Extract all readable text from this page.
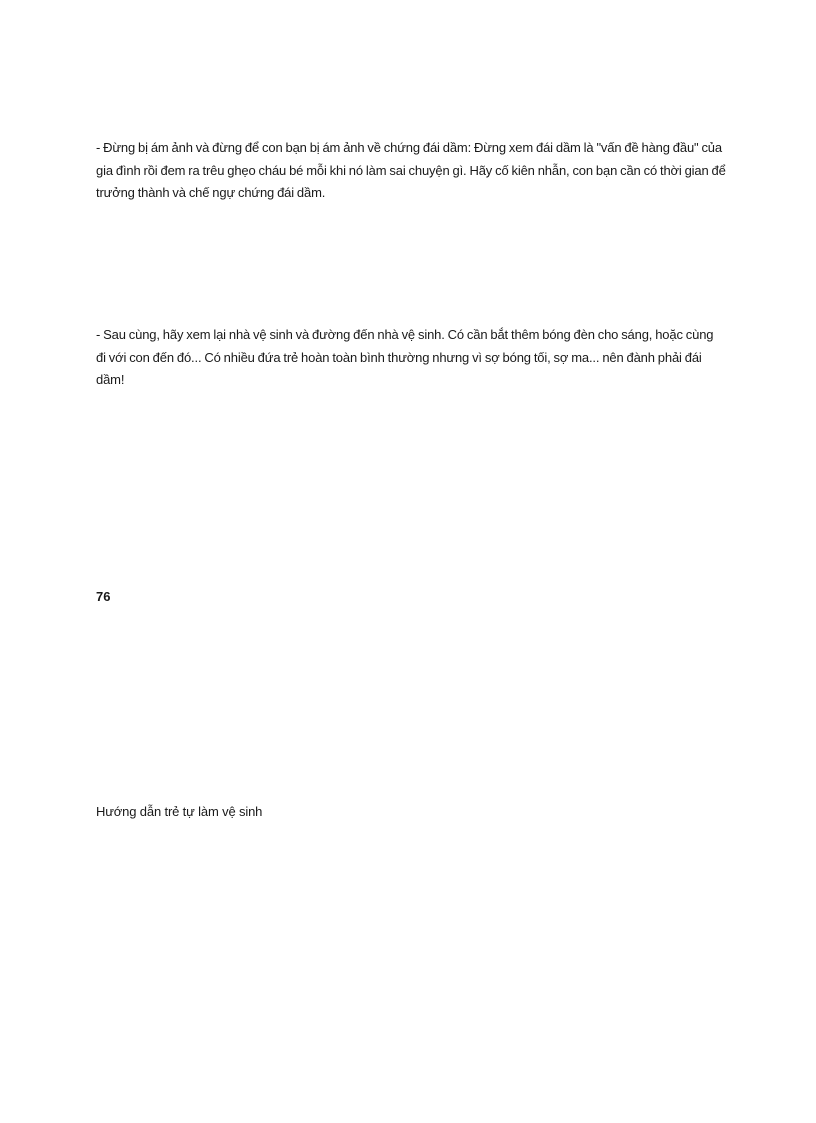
- Đừng bị ám ảnh và đừng để con bạn bị ám ảnh về chứng đái dầm: Đừng xem đái dầm là "vấn đề hàng đầu" của gia đình rồi đem ra trêu ghẹo cháu bé mỗi khi nó làm sai chuyện gì. Hãy cố kiên nhẫn, con bạn cần có thời gian để trưởng thành và chế ngự chứng đái dầm.

- Sau cùng, hãy xem lại nhà vệ sinh và đường đến nhà vệ sinh. Có cần bắt thêm bóng đèn cho sáng, hoặc cùng đi với con đến đó... Có nhiều đứa trẻ hoàn toàn bình thường nhưng vì sợ bóng tối, sợ ma... nên đành phải đái dầm!

76

Hướng dẫn trẻ tự làm vệ sinh
